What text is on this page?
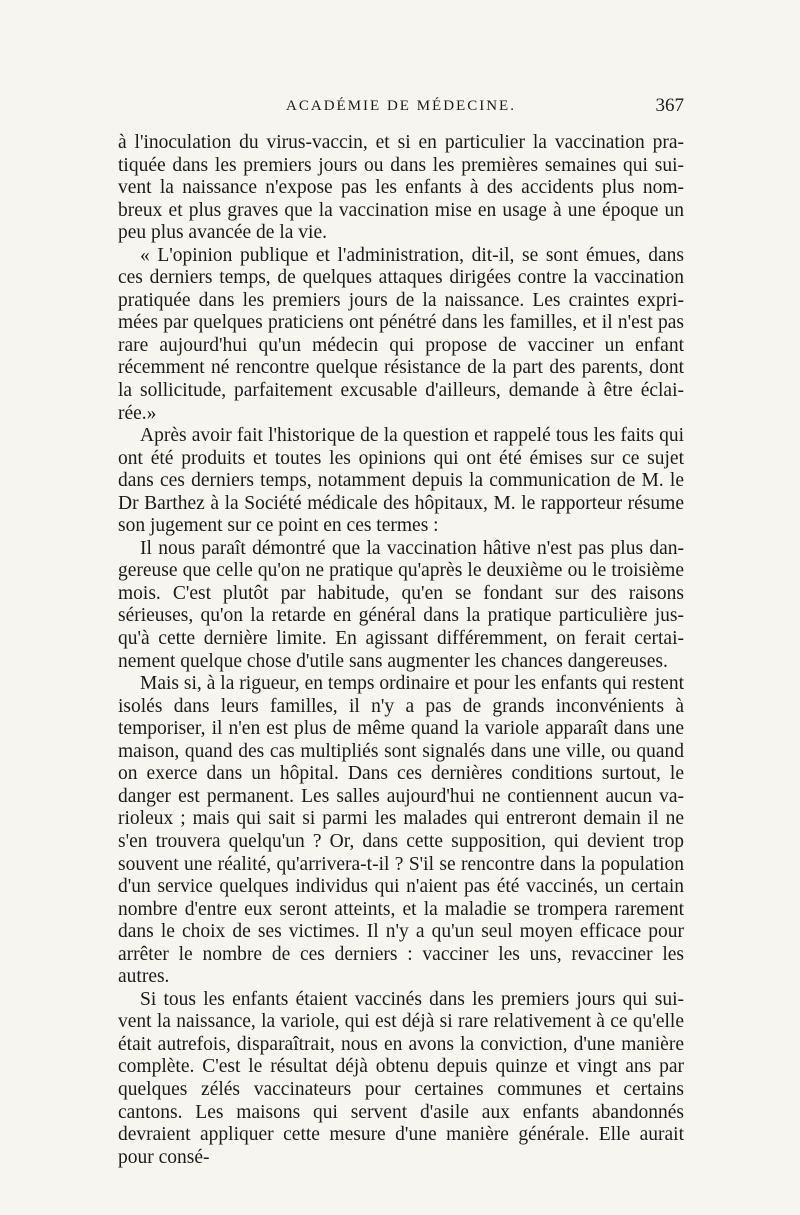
ACADÉMIE DE MÉDECINE.	367

à l'inoculation du virus-vaccin, et si en particulier la vaccination pratiquée dans les premiers jours ou dans les premières semaines qui suivent la naissance n'expose pas les enfants à des accidents plus nombreux et plus graves que la vaccination mise en usage à une époque un peu plus avancée de la vie.

« L'opinion publique et l'administration, dit-il, se sont émues, dans ces derniers temps, de quelques attaques dirigées contre la vaccination pratiquée dans les premiers jours de la naissance. Les craintes exprimées par quelques praticiens ont pénétré dans les familles, et il n'est pas rare aujourd'hui qu'un médecin qui propose de vacciner un enfant récemment né rencontre quelque résistance de la part des parents, dont la sollicitude, parfaitement excusable d'ailleurs, demande à être éclairée.»

Après avoir fait l'historique de la question et rappelé tous les faits qui ont été produits et toutes les opinions qui ont été émises sur ce sujet dans ces derniers temps, notamment depuis la communication de M. le Dr Barthez à la Société médicale des hôpitaux, M. le rapporteur résume son jugement sur ce point en ces termes :

Il nous paraît démontré que la vaccination hâtive n'est pas plus dangereuse que celle qu'on ne pratique qu'après le deuxième ou le troisième mois. C'est plutôt par habitude, qu'en se fondant sur des raisons sérieuses, qu'on la retarde en général dans la pratique particulière jusqu'à cette dernière limite. En agissant différemment, on ferait certainement quelque chose d'utile sans augmenter les chances dangereuses.

Mais si, à la rigueur, en temps ordinaire et pour les enfants qui restent isolés dans leurs familles, il n'y a pas de grands inconvénients à temporiser, il n'en est plus de même quand la variole apparaît dans une maison, quand des cas multipliés sont signalés dans une ville, ou quand on exerce dans un hôpital. Dans ces dernières conditions surtout, le danger est permanent. Les salles aujourd'hui ne contiennent aucun varioleux ; mais qui sait si parmi les malades qui entreront demain il ne s'en trouvera quelqu'un ? Or, dans cette supposition, qui devient trop souvent une réalité, qu'arrivera-t-il ? S'il se rencontre dans la population d'un service quelques individus qui n'aient pas été vaccinés, un certain nombre d'entre eux seront atteints, et la maladie se trompera rarement dans le choix de ses victimes. Il n'y a qu'un seul moyen efficace pour arrêter le nombre de ces derniers : vacciner les uns, revacciner les autres.

Si tous les enfants étaient vaccinés dans les premiers jours qui suivent la naissance, la variole, qui est déjà si rare relativement à ce qu'elle était autrefois, disparaîtrait, nous en avons la conviction, d'une manière complète. C'est le résultat déjà obtenu depuis quinze et vingt ans par quelques zélés vaccinateurs pour certaines communes et certains cantons. Les maisons qui servent d'asile aux enfants abandonnés devraient appliquer cette mesure d'une manière générale. Elle aurait pour consé-
